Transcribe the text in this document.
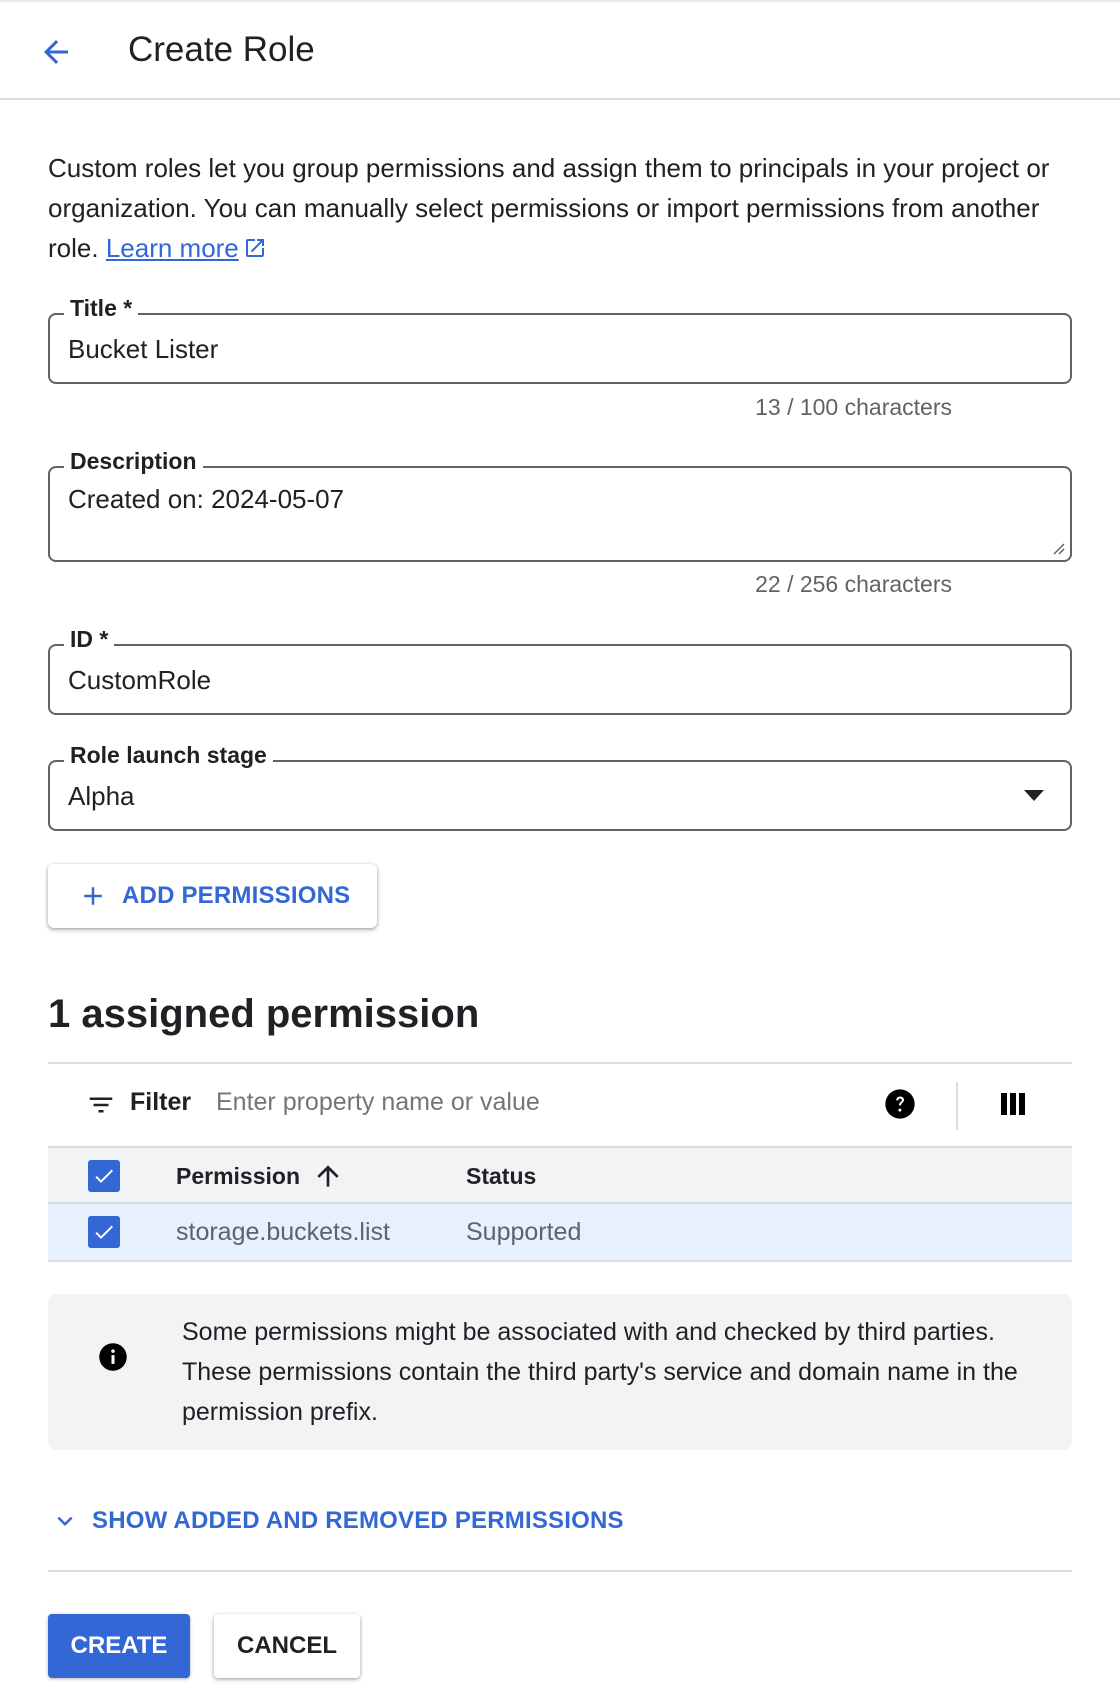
Create Role
Custom roles let you group permissions and assign them to principals in your project or organization. You can manually select permissions or import permissions from another role. Learn more
Title *
Bucket Lister
13 / 100 characters
Description
Created on: 2024-05-07
22 / 256 characters
ID *
CustomRole
Role launch stage
Alpha
ADD PERMISSIONS
1 assigned permission
Filter
Enter property name or value
Permission	Status
storage.buckets.list	Supported
Some permissions might be associated with and checked by third parties. These permissions contain the third party's service and domain name in the permission prefix.
SHOW ADDED AND REMOVED PERMISSIONS
CREATE	CANCEL
